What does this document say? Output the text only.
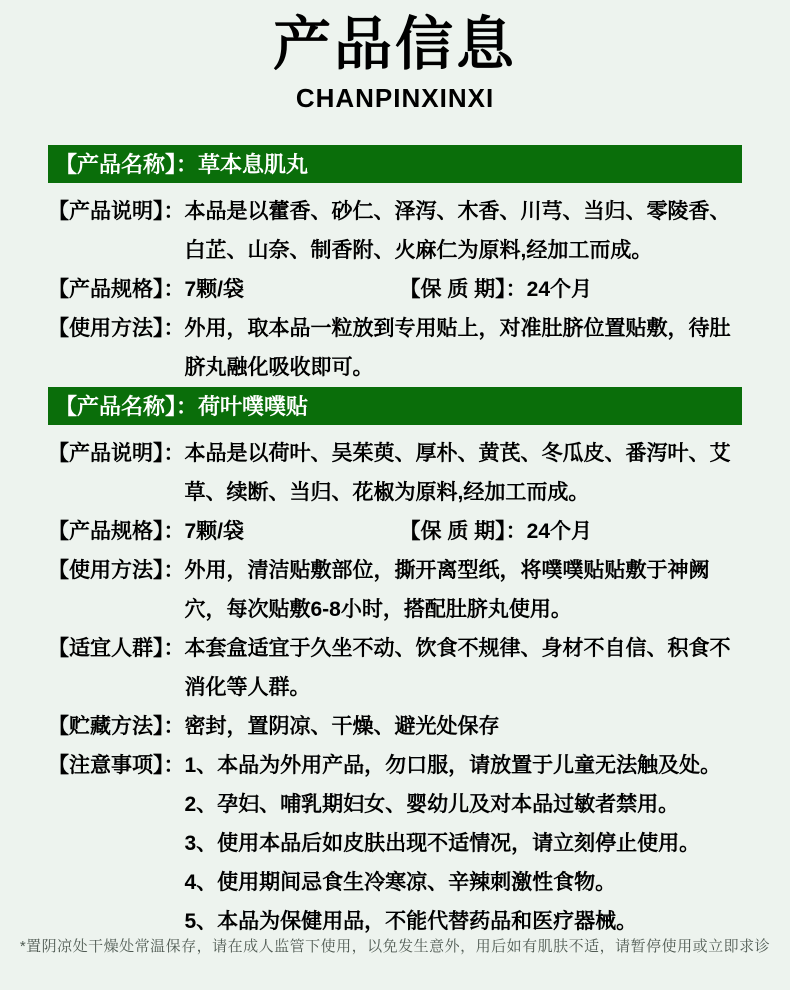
产品信息
CHANPINXINXI
【产品名称】： 草本息肌丸
【产品说明】： 本品是以藿香、砂仁、泽泻、木香、川芎、当归、零陵香、白芷、山奈、制香附、火麻仁为原料,经加工而成。
【产品规格】： 7颗/袋	【保 质 期】： 24个月
【使用方法】： 外用，取本品一粒放到专用贴上，对准肚脐位置贴敷，待肚脐丸融化吸收即可。
【产品名称】： 荷叶噗噗贴
【产品说明】： 本品是以荷叶、吴茱萸、厚朴、黄芪、冬瓜皮、番泻叶、艾草、续断、当归、花椒为原料,经加工而成。
【产品规格】： 7颗/袋	【保 质 期】： 24个月
【使用方法】： 外用，清洁贴敷部位，撕开离型纸，将噗噗贴贴敷于神阙穴，每次贴敷6-8小时，搭配肚脐丸使用。
【适宜人群】： 本套盒适宜于久坐不动、饮食不规律、身材不自信、积食不消化等人群。
【贮藏方法】： 密封，置阴凉、干燥、避光处保存
【注意事项】： 1、本品为外用产品，勿口服，请放置于儿童无法触及处。
2、孕妇、哺乳期妇女、婴幼儿及对本品过敏者禁用。
3、使用本品后如皮肤出现不适情况，请立刻停止使用。
4、使用期间忌食生冷寒凉、辛辣刺激性食物。
5、本品为保健用品，不能代替药品和医疗器械。
*置阴凉处干燥处常温保存，请在成人监管下使用，以免发生意外，用后如有肌肤不适，请暂停使用或立即求诊
